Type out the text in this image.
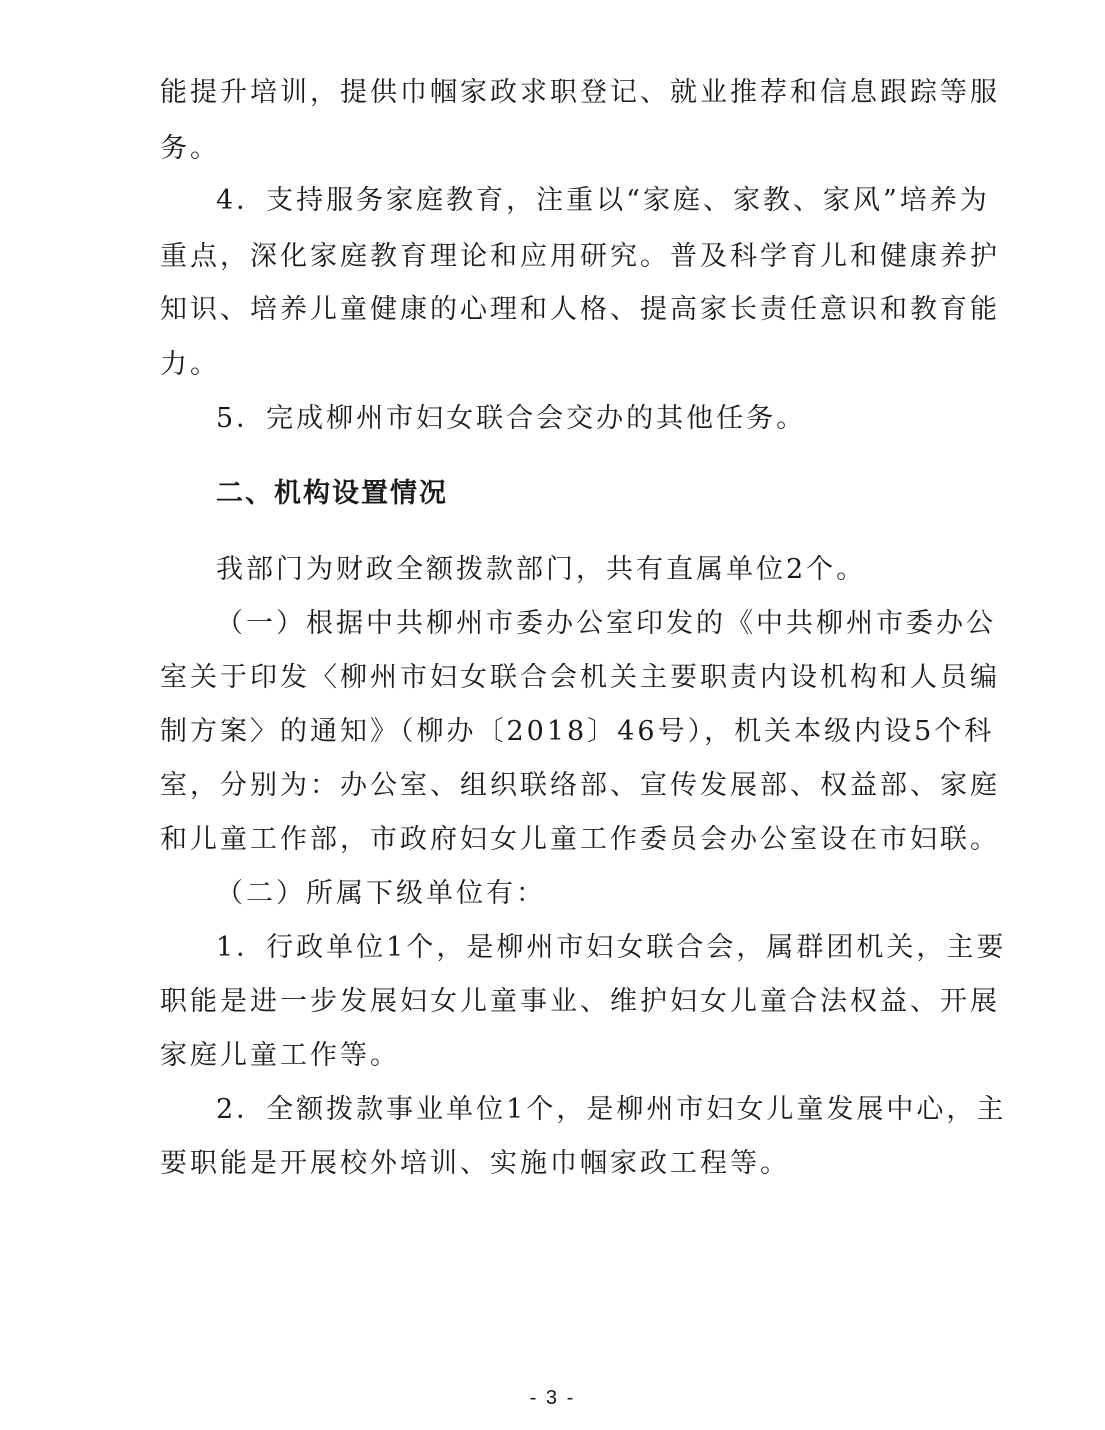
能提升培训，提供巾帼家政求职登记、就业推荐和信息跟踪等服
务。
4．支持服务家庭教育，注重以“家庭、家教、家风”培养为
重点，深化家庭教育理论和应用研究。普及科学育儿和健康养护
知识、培养儿童健康的心理和人格、提高家长责任意识和教育能
力。
5．完成柳州市妇女联合会交办的其他任务。
二、机构设置情况
我部门为财政全额拨款部门，共有直属单位2个。
（一）根据中共柳州市委办公室印发的《中共柳州市委办公
室关于印发〈柳州市妇女联合会机关主要职责内设机构和人员编
制方案〉的通知》（柳办〔2018〕46号），机关本级内设5个科
室，分别为：办公室、组织联络部、宣传发展部、权益部、家庭
和儿童工作部，市政府妇女儿童工作委员会办公室设在市妇联。
（二）所属下级单位有：
1．行政单位1个，是柳州市妇女联合会，属群团机关，主要
职能是进一步发展妇女儿童事业、维护妇女儿童合法权益、开展
家庭儿童工作等。
2．全额拨款事业单位1个，是柳州市妇女儿童发展中心，主
要职能是开展校外培训、实施巾帼家政工程等。
- 3 -
